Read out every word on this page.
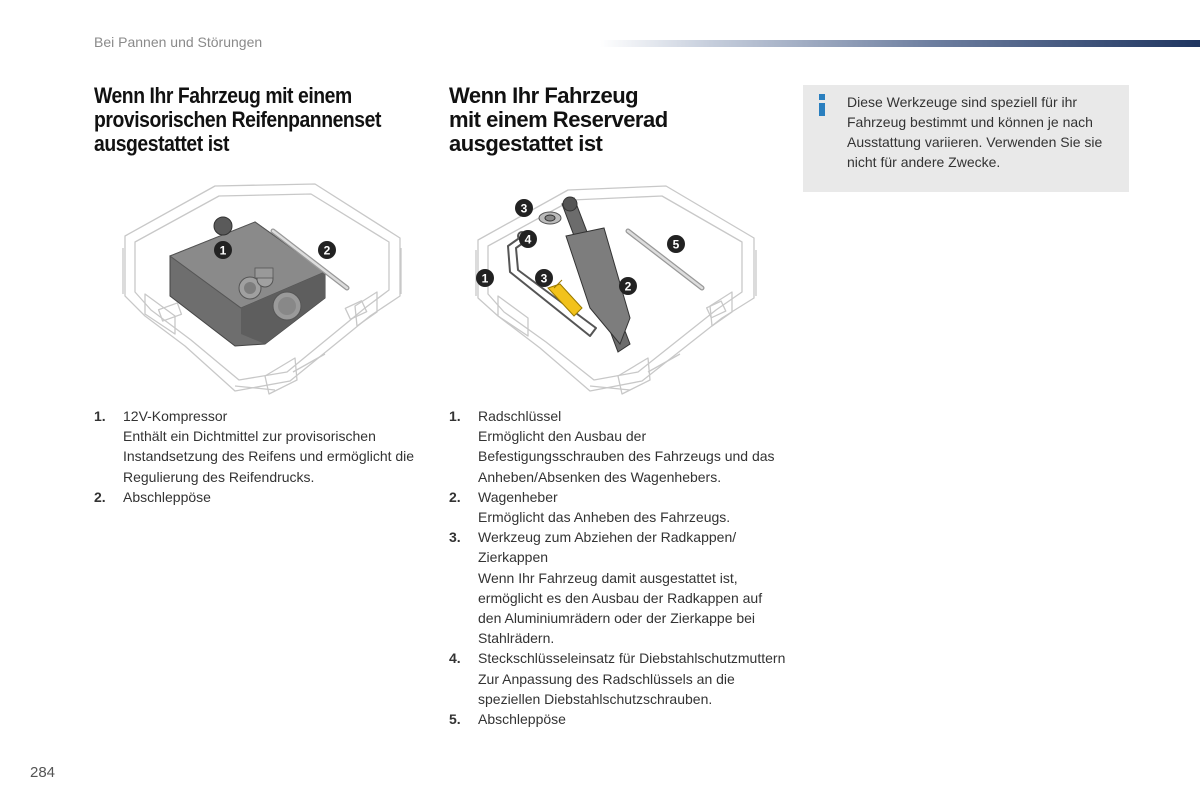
Bei Pannen und Störungen
Wenn Ihr Fahrzeug mit einem
provisorischen Reifenpannenset
ausgestattet ist
Wenn Ihr Fahrzeug
mit einem Reserverad
ausgestattet ist
Diese Werkzeuge sind speziell für ihr Fahrzeug bestimmt und können je nach Ausstattung variieren. Verwenden Sie sie nicht für andere Zwecke.
1	2
1
2
3
3
4	5
1. 12V-Kompressor
Enthält ein Dichtmittel zur provisorischen Instandsetzung des Reifens und ermöglicht die Regulierung des Reifendrucks.
2. Abschleppöse
1. Radschlüssel
Ermöglicht den Ausbau der Befestigungsschrauben des Fahrzeugs und das Anheben/Absenken des Wagenhebers.
2. Wagenheber
Ermöglicht das Anheben des Fahrzeugs.
3. Werkzeug zum Abziehen der Radkappen/ Zierkappen
Wenn Ihr Fahrzeug damit ausgestattet ist, ermöglicht es den Ausbau der Radkappen auf den Aluminiumrädern oder der Zierkappe bei Stahlrädern.
4. Steckschlüsseleinsatz für Diebstahlschutzmuttern
Zur Anpassung des Radschlüssels an die speziellen Diebstahlschutzschrauben.
5. Abschleppöse
284
